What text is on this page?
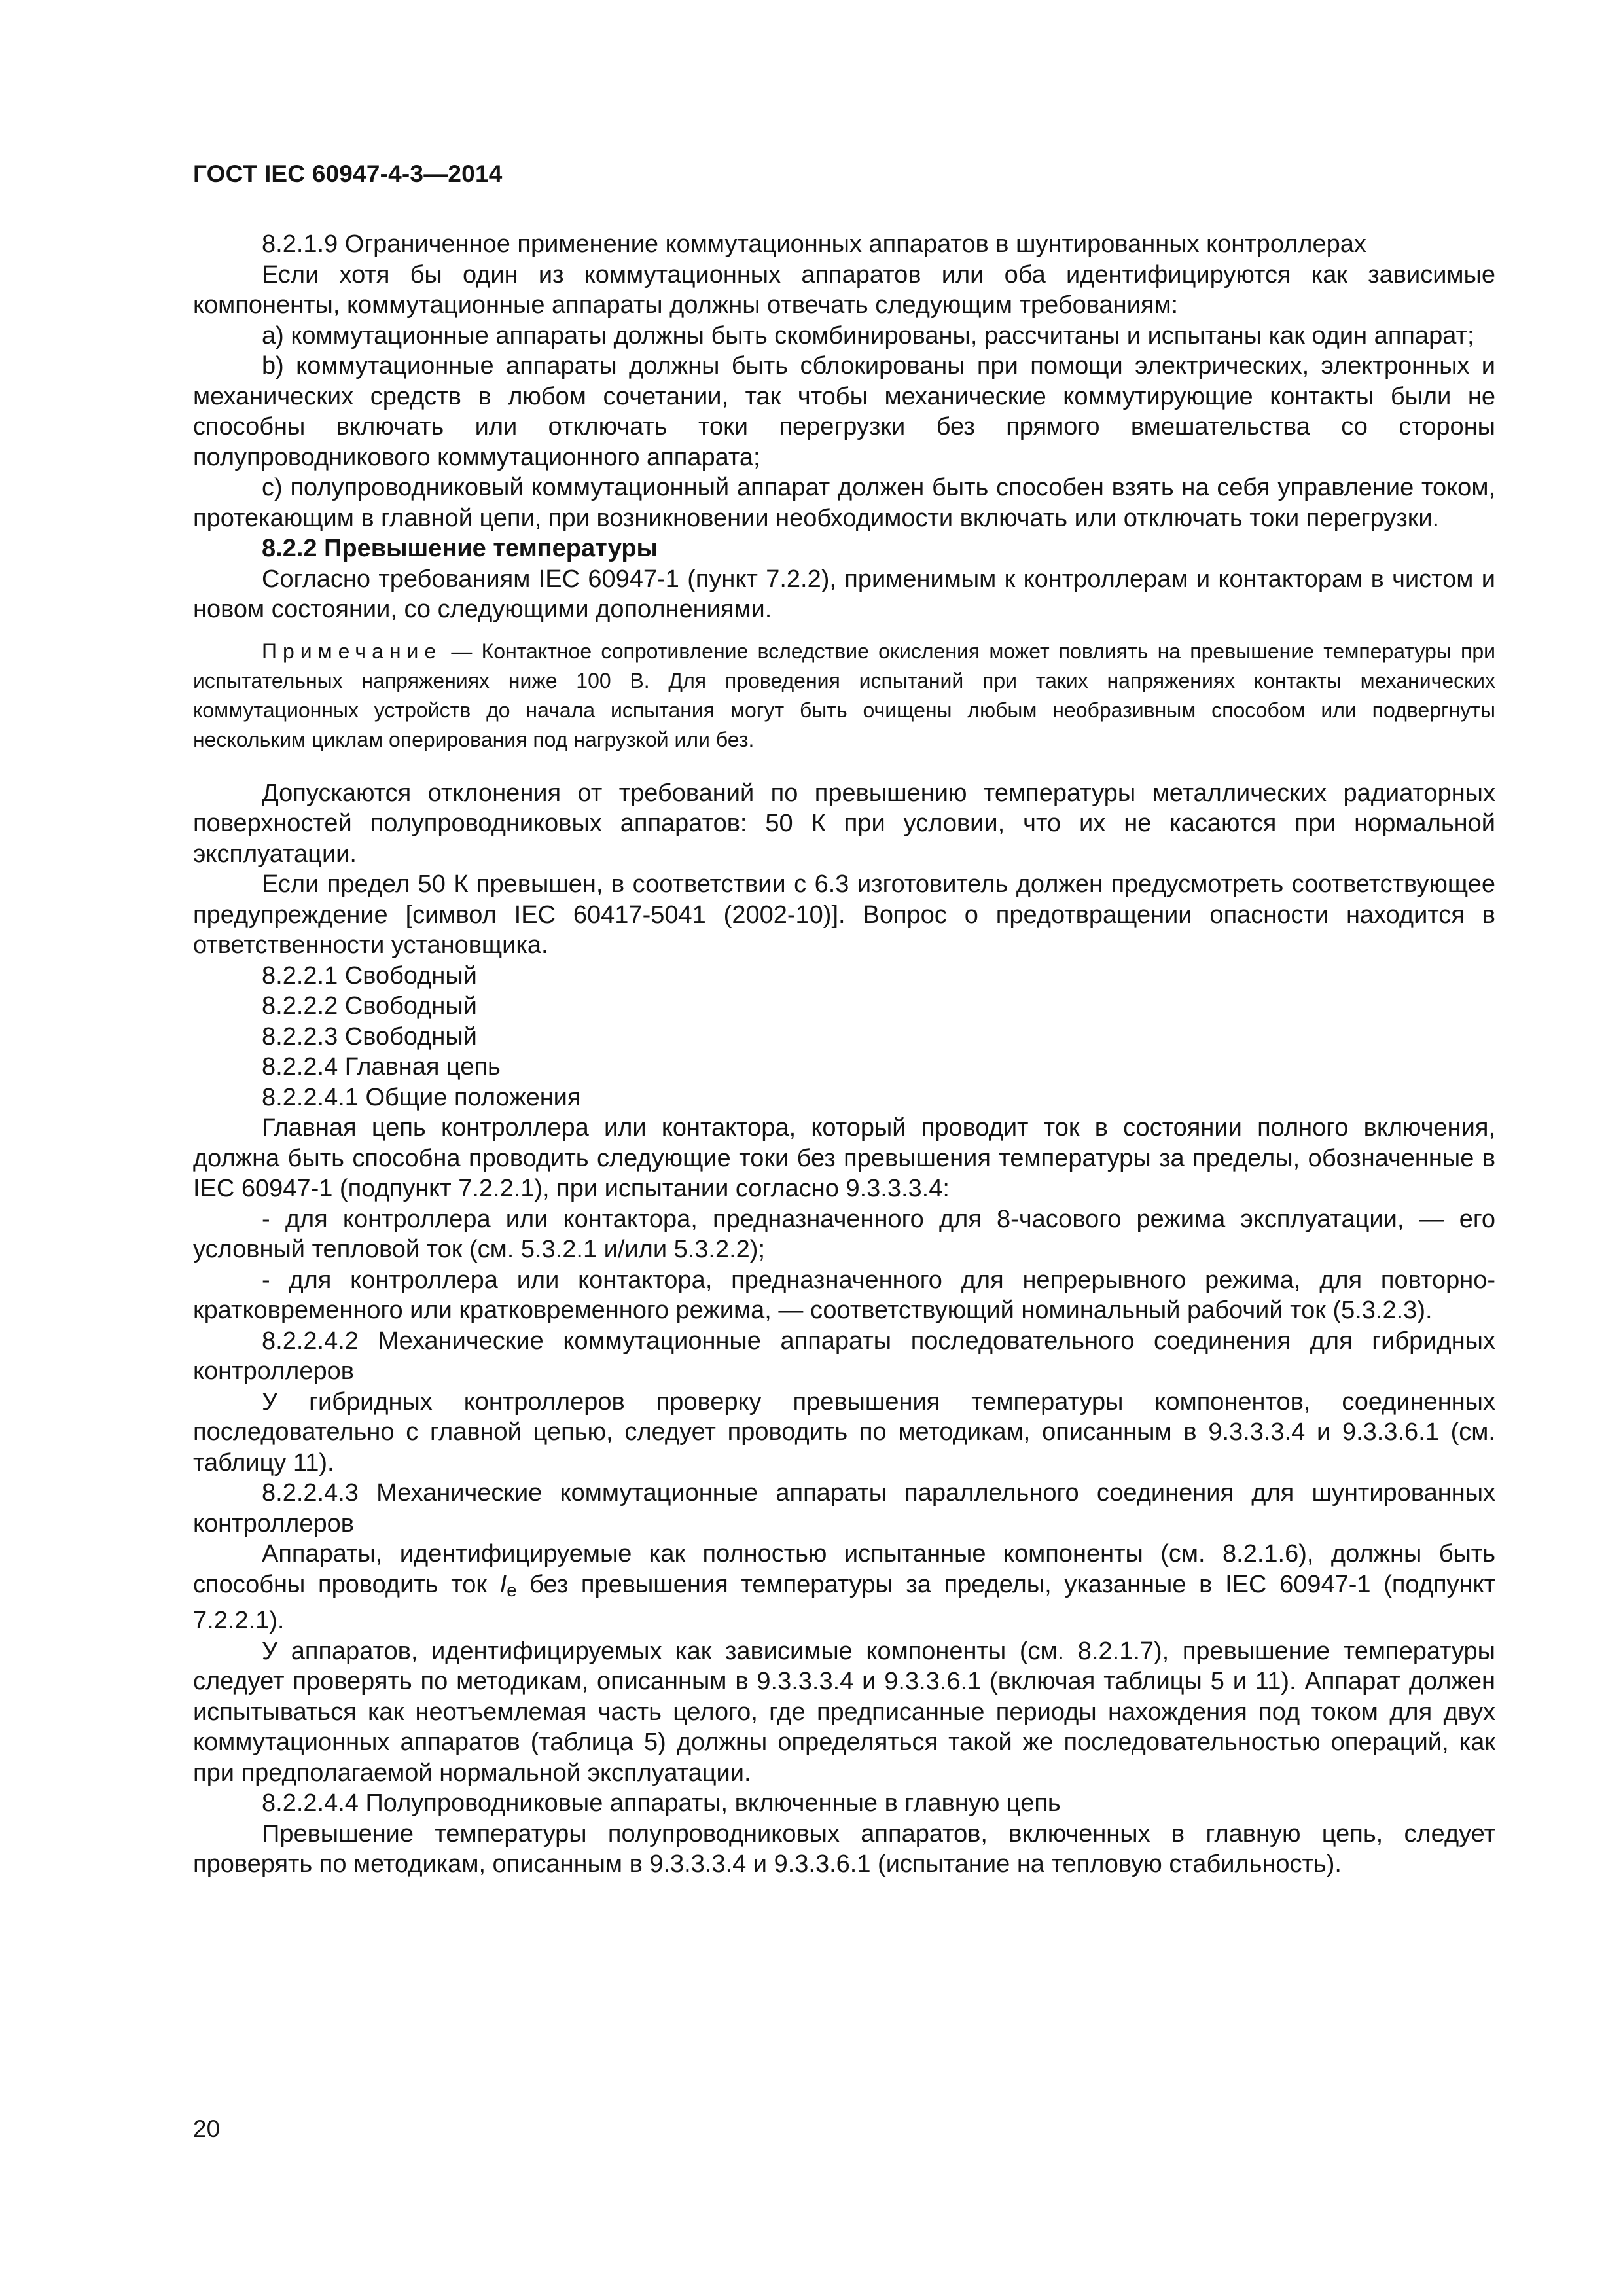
ГОСТ IEC 60947-4-3—2014

8.2.1.9 Ограниченное применение коммутационных аппаратов в шунтированных контроллерах

Если хотя бы один из коммутационных аппаратов или оба идентифицируются как зависимые компоненты, коммутационные аппараты должны отвечать следующим требованиям:

а) коммутационные аппараты должны быть скомбинированы, рассчитаны и испытаны как один аппарат;

b) коммутационные аппараты должны быть сблокированы при помощи электрических, электронных и механических средств в любом сочетании, так чтобы механические коммутирующие контакты были не способны включать или отключать токи перегрузки без прямого вмешательства со стороны полупроводникового коммутационного аппарата;

с) полупроводниковый коммутационный аппарат должен быть способен взять на себя управление током, протекающим в главной цепи, при возникновении необходимости включать или отключать токи перегрузки.

8.2.2 Превышение температуры

Согласно требованиям IEC 60947-1 (пункт 7.2.2), применимым к контроллерам и контакторам в чистом и новом состоянии, со следующими дополнениями.

Примечание — Контактное сопротивление вследствие окисления может повлиять на превышение температуры при испытательных напряжениях ниже 100 В. Для проведения испытаний при таких напряжениях контакты механических коммутационных устройств до начала испытания могут быть очищены любым необразивным способом или подвергнуты нескольким циклам оперирования под нагрузкой или без.

Допускаются отклонения от требований по превышению температуры металлических радиаторных поверхностей полупроводниковых аппаратов: 50 К при условии, что их не касаются при нормальной эксплуатации.

Если предел 50 К превышен, в соответствии с 6.3 изготовитель должен предусмотреть соответствующее предупреждение [символ IEC 60417-5041 (2002-10)]. Вопрос о предотвращении опасности находится в ответственности установщика.

8.2.2.1 Свободный

8.2.2.2 Свободный

8.2.2.3 Свободный

8.2.2.4 Главная цепь

8.2.2.4.1 Общие положения

Главная цепь контроллера или контактора, который проводит ток в состоянии полного включения, должна быть способна проводить следующие токи без превышения температуры за пределы, обозначенные в IEC 60947-1 (подпункт 7.2.2.1), при испытании согласно 9.3.3.3.4:

- для контроллера или контактора, предназначенного для 8-часового режима эксплуатации, — его условный тепловой ток (см. 5.3.2.1 и/или 5.3.2.2);

- для контроллера или контактора, предназначенного для непрерывного режима, для повторно-кратковременного или кратковременного режима, — соответствующий номинальный рабочий ток (5.3.2.3).

8.2.2.4.2 Механические коммутационные аппараты последовательного соединения для гибридных контроллеров

У гибридных контроллеров проверку превышения температуры компонентов, соединенных последовательно с главной цепью, следует проводить по методикам, описанным в 9.3.3.3.4 и 9.3.3.6.1 (см. таблицу 11).

8.2.2.4.3 Механические коммутационные аппараты параллельного соединения для шунтированных контроллеров

Аппараты, идентифицируемые как полностью испытанные компоненты (см. 8.2.1.6), должны быть способны проводить ток $I_e$ без превышения температуры за пределы, указанные в IEC 60947-1 (подпункт 7.2.2.1).

У аппаратов, идентифицируемых как зависимые компоненты (см. 8.2.1.7), превышение температуры следует проверять по методикам, описанным в 9.3.3.3.4 и 9.3.3.6.1 (включая таблицы 5 и 11). Аппарат должен испытываться как неотъемлемая часть целого, где предписанные периоды нахождения под током для двух коммутационных аппаратов (таблица 5) должны определяться такой же последовательностью операций, как при предполагаемой нормальной эксплуатации.

8.2.2.4.4 Полупроводниковые аппараты, включенные в главную цепь

Превышение температуры полупроводниковых аппаратов, включенных в главную цепь, следует проверять по методикам, описанным в 9.3.3.3.4 и 9.3.3.6.1 (испытание на тепловую стабильность).

20
